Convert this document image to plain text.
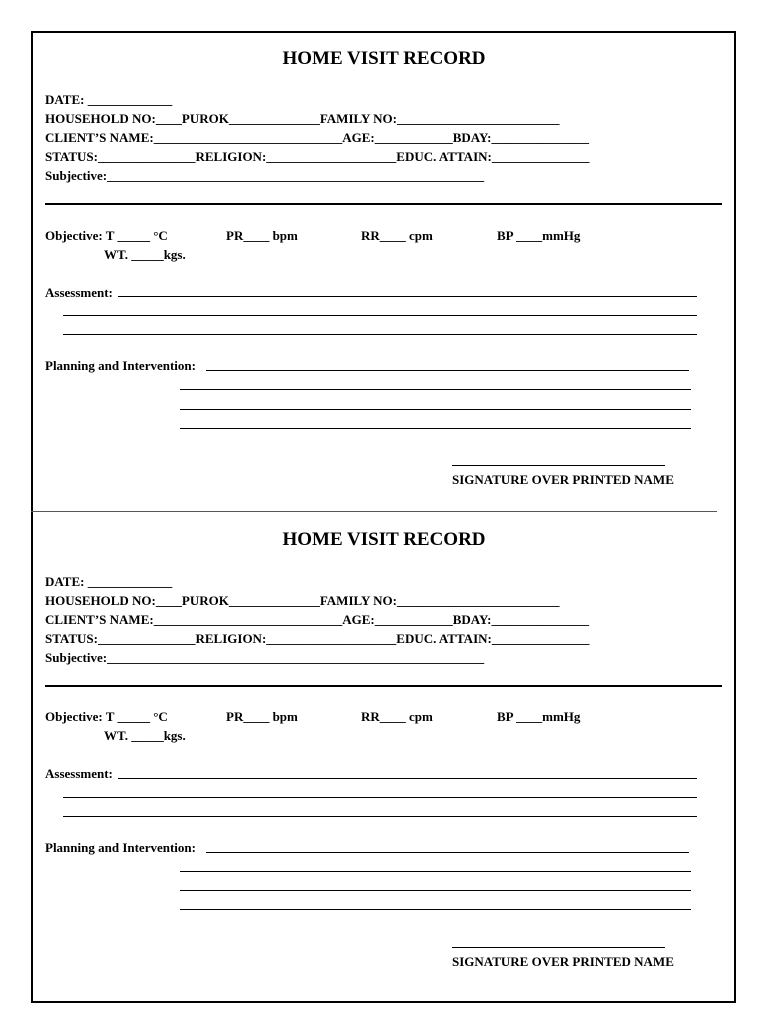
HOME VISIT RECORD
DATE: _____________
HOUSEHOLD NO:____PUROK______________FAMILY NO:_________________________
CLIENT’S NAME:_____________________________AGE:____________BDAY:_______________
STATUS:_______________RELIGION:____________________EDUC. ATTAIN:_______________
Subjective:__________________________________________________________
Objective: T _____ °C	PR____ bpm	RR____ cpm	BP ____mmHg
WT. _____kgs.
Assessment:
Planning and Intervention:
SIGNATURE OVER PRINTED NAME
HOME VISIT RECORD
DATE: _____________
HOUSEHOLD NO:____PUROK______________FAMILY NO:_________________________
CLIENT’S NAME:_____________________________AGE:____________BDAY:_______________
STATUS:_______________RELIGION:____________________EDUC. ATTAIN:_______________
Subjective:__________________________________________________________
Objective: T _____ °C	PR____ bpm	RR____ cpm	BP ____mmHg
WT. _____kgs.
Assessment:
Planning and Intervention:
SIGNATURE OVER PRINTED NAME
